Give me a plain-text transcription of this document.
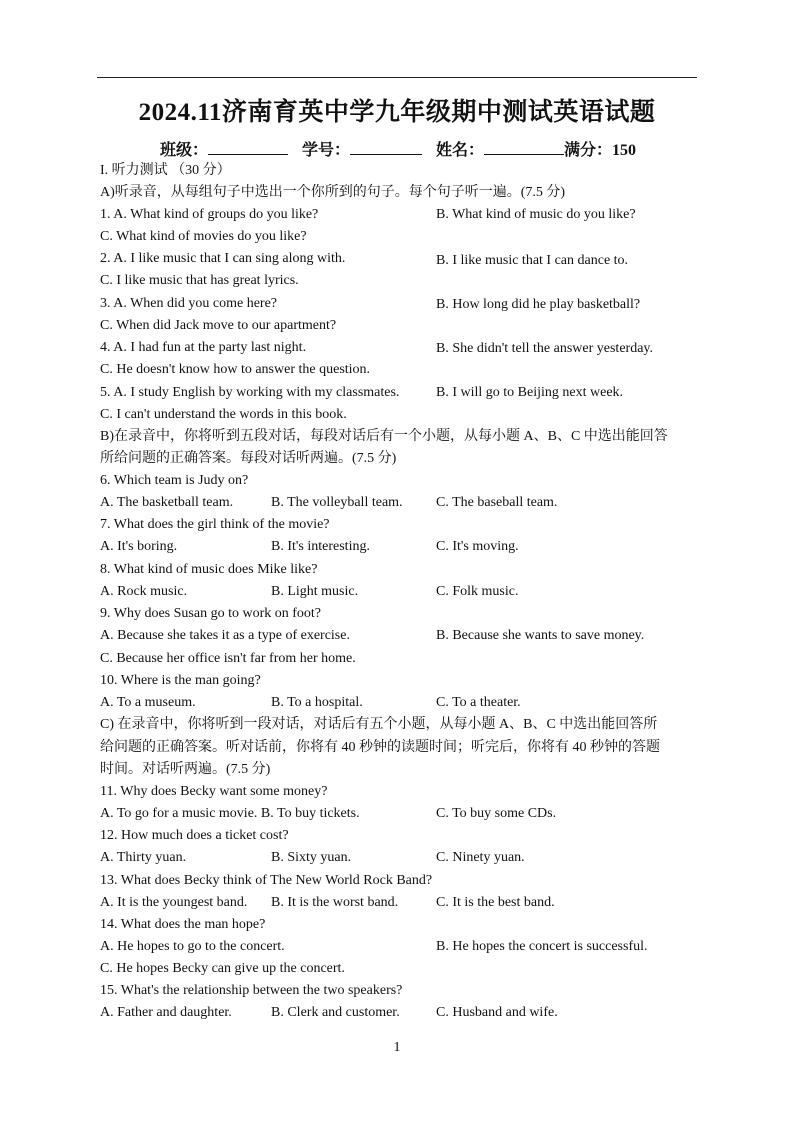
2024.11济南育英中学九年级期中测试英语试题
班级：	学号：	姓名：	满分：150
I. 听力测试 （30 分）
A)听录音，从每组句子中选出一个你所到的句子。每个句子听一遍。(7.5 分)
1. A. What kind of groups do you like?	B. What kind of music do you like?
C. What kind of movies do you like?
2. A. I like music that I can sing along with.	B. I like music that I can dance to.
C. I like music that has great lyrics.
3. A. When did you come here?	B. How long did he play basketball?
C. When did Jack move to our apartment?
4. A. I had fun at the party last night.	B. She didn't tell the answer yesterday.
C. He doesn't know how to answer the question.
5. A. I study English by working with my classmates.	B. I will go to Beijing next week.
C. I can't understand the words in this book.
B)在录音中，你将听到五段对话，每段对话后有一个小题，从每小题 A、B、C 中选出能回答
所给问题的正确答案。每段对话听两遍。(7.5 分)
6. Which team is Judy on?
A. The basketball team.	B. The volleyball team. C. The baseball team.
7. What does the girl think of the movie?
A. It's boring.	B. It's interesting.	C. It's moving.
8. What kind of music does Mike like?
A. Rock music.	B. Light music.	C. Folk music.
9. Why does Susan go to work on foot?
A. Because she takes it as a type of exercise.	B. Because she wants to save money.
C. Because her office isn't far from her home.
10. Where is the man going?
A. To a museum.	B. To a hospital.	C. To a theater.
C) 在录音中，你将听到一段对话，对话后有五个小题，从每小题 A、B、C 中选出能回答所
给问题的正确答案。听对话前，你将有 40 秒钟的读题时间；听完后，你将有 40 秒钟的答题
时间。对话听两遍。(7.5 分)
11. Why does Becky want some money?
A. To go for a music movie. B. To buy tickets.	C. To buy some CDs.
12. How much does a ticket cost?
A. Thirty yuan.	B. Sixty yuan.	C. Ninety yuan.
13. What does Becky think of The New World Rock Band?
A. It is the youngest band. B. It is the worst band.	C. It is the best band.
14. What does the man hope?
A. He hopes to go to the concert.	B. He hopes the concert is successful.
C. He hopes Becky can give up the concert.
15. What's the relationship between the two speakers?
A. Father and daughter.	B. Clerk and customer.	C. Husband and wife.
1
